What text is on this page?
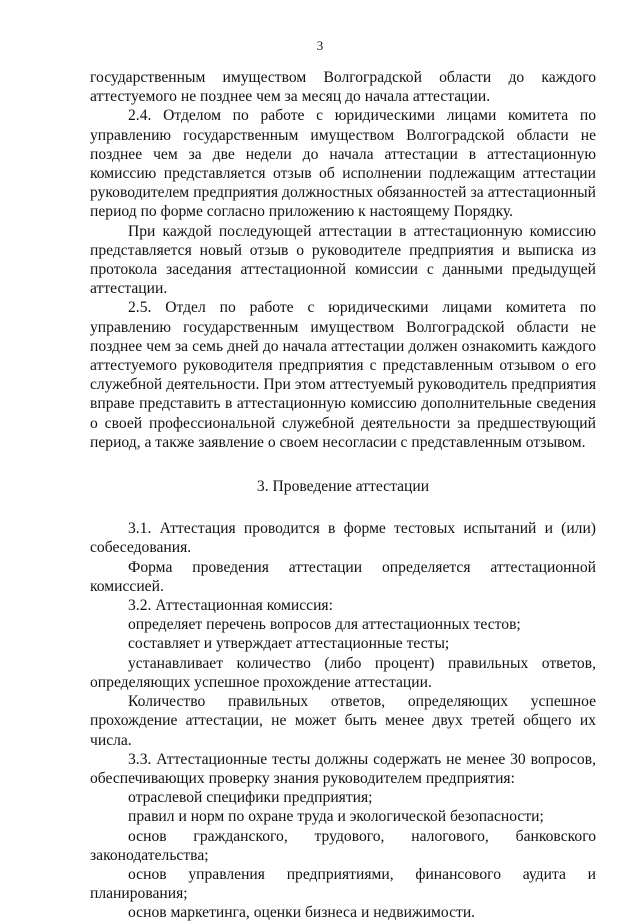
3

государственным имуществом Волгоградской области до каждого аттестуемого не позднее чем за месяц до начала аттестации.

2.4. Отделом по работе с юридическими лицами комитета по управлению государственным имуществом Волгоградской области не позднее чем за две недели до начала аттестации в аттестационную комиссию представляется отзыв об исполнении подлежащим аттестации руководителем предприятия должностных обязанностей за аттестационный период по форме согласно приложению к настоящему Порядку.

При каждой последующей аттестации в аттестационную комиссию представляется новый отзыв о руководителе предприятия и выписка из протокола заседания аттестационной комиссии с данными предыдущей аттестации.

2.5. Отдел по работе с юридическими лицами комитета по управлению государственным имуществом Волгоградской области не позднее чем за семь дней до начала аттестации должен ознакомить каждого аттестуемого руководителя предприятия с представленным отзывом о его служебной деятельности. При этом аттестуемый руководитель предприятия вправе представить в аттестационную комиссию дополнительные сведения о своей профессиональной служебной деятельности за предшествующий период, а также заявление о своем несогласии с представленным отзывом.

3. Проведение аттестации

3.1. Аттестация проводится в форме тестовых испытаний и (или) собеседования.

Форма проведения аттестации определяется аттестационной комиссией.

3.2. Аттестационная комиссия:

определяет перечень вопросов для аттестационных тестов;

составляет и утверждает аттестационные тесты;

устанавливает количество (либо процент) правильных ответов, определяющих успешное прохождение аттестации.

Количество правильных ответов, определяющих успешное прохождение аттестации, не может быть менее двух третей общего их числа.

3.3. Аттестационные тесты должны содержать не менее 30 вопросов, обеспечивающих проверку знания руководителем предприятия:

отраслевой специфики предприятия;

правил и норм по охране труда и экологической безопасности;

основ гражданского, трудового, налогового, банковского законодательства;

основ управления предприятиями, финансового аудита и планирования;

основ маркетинга, оценки бизнеса и недвижимости.
